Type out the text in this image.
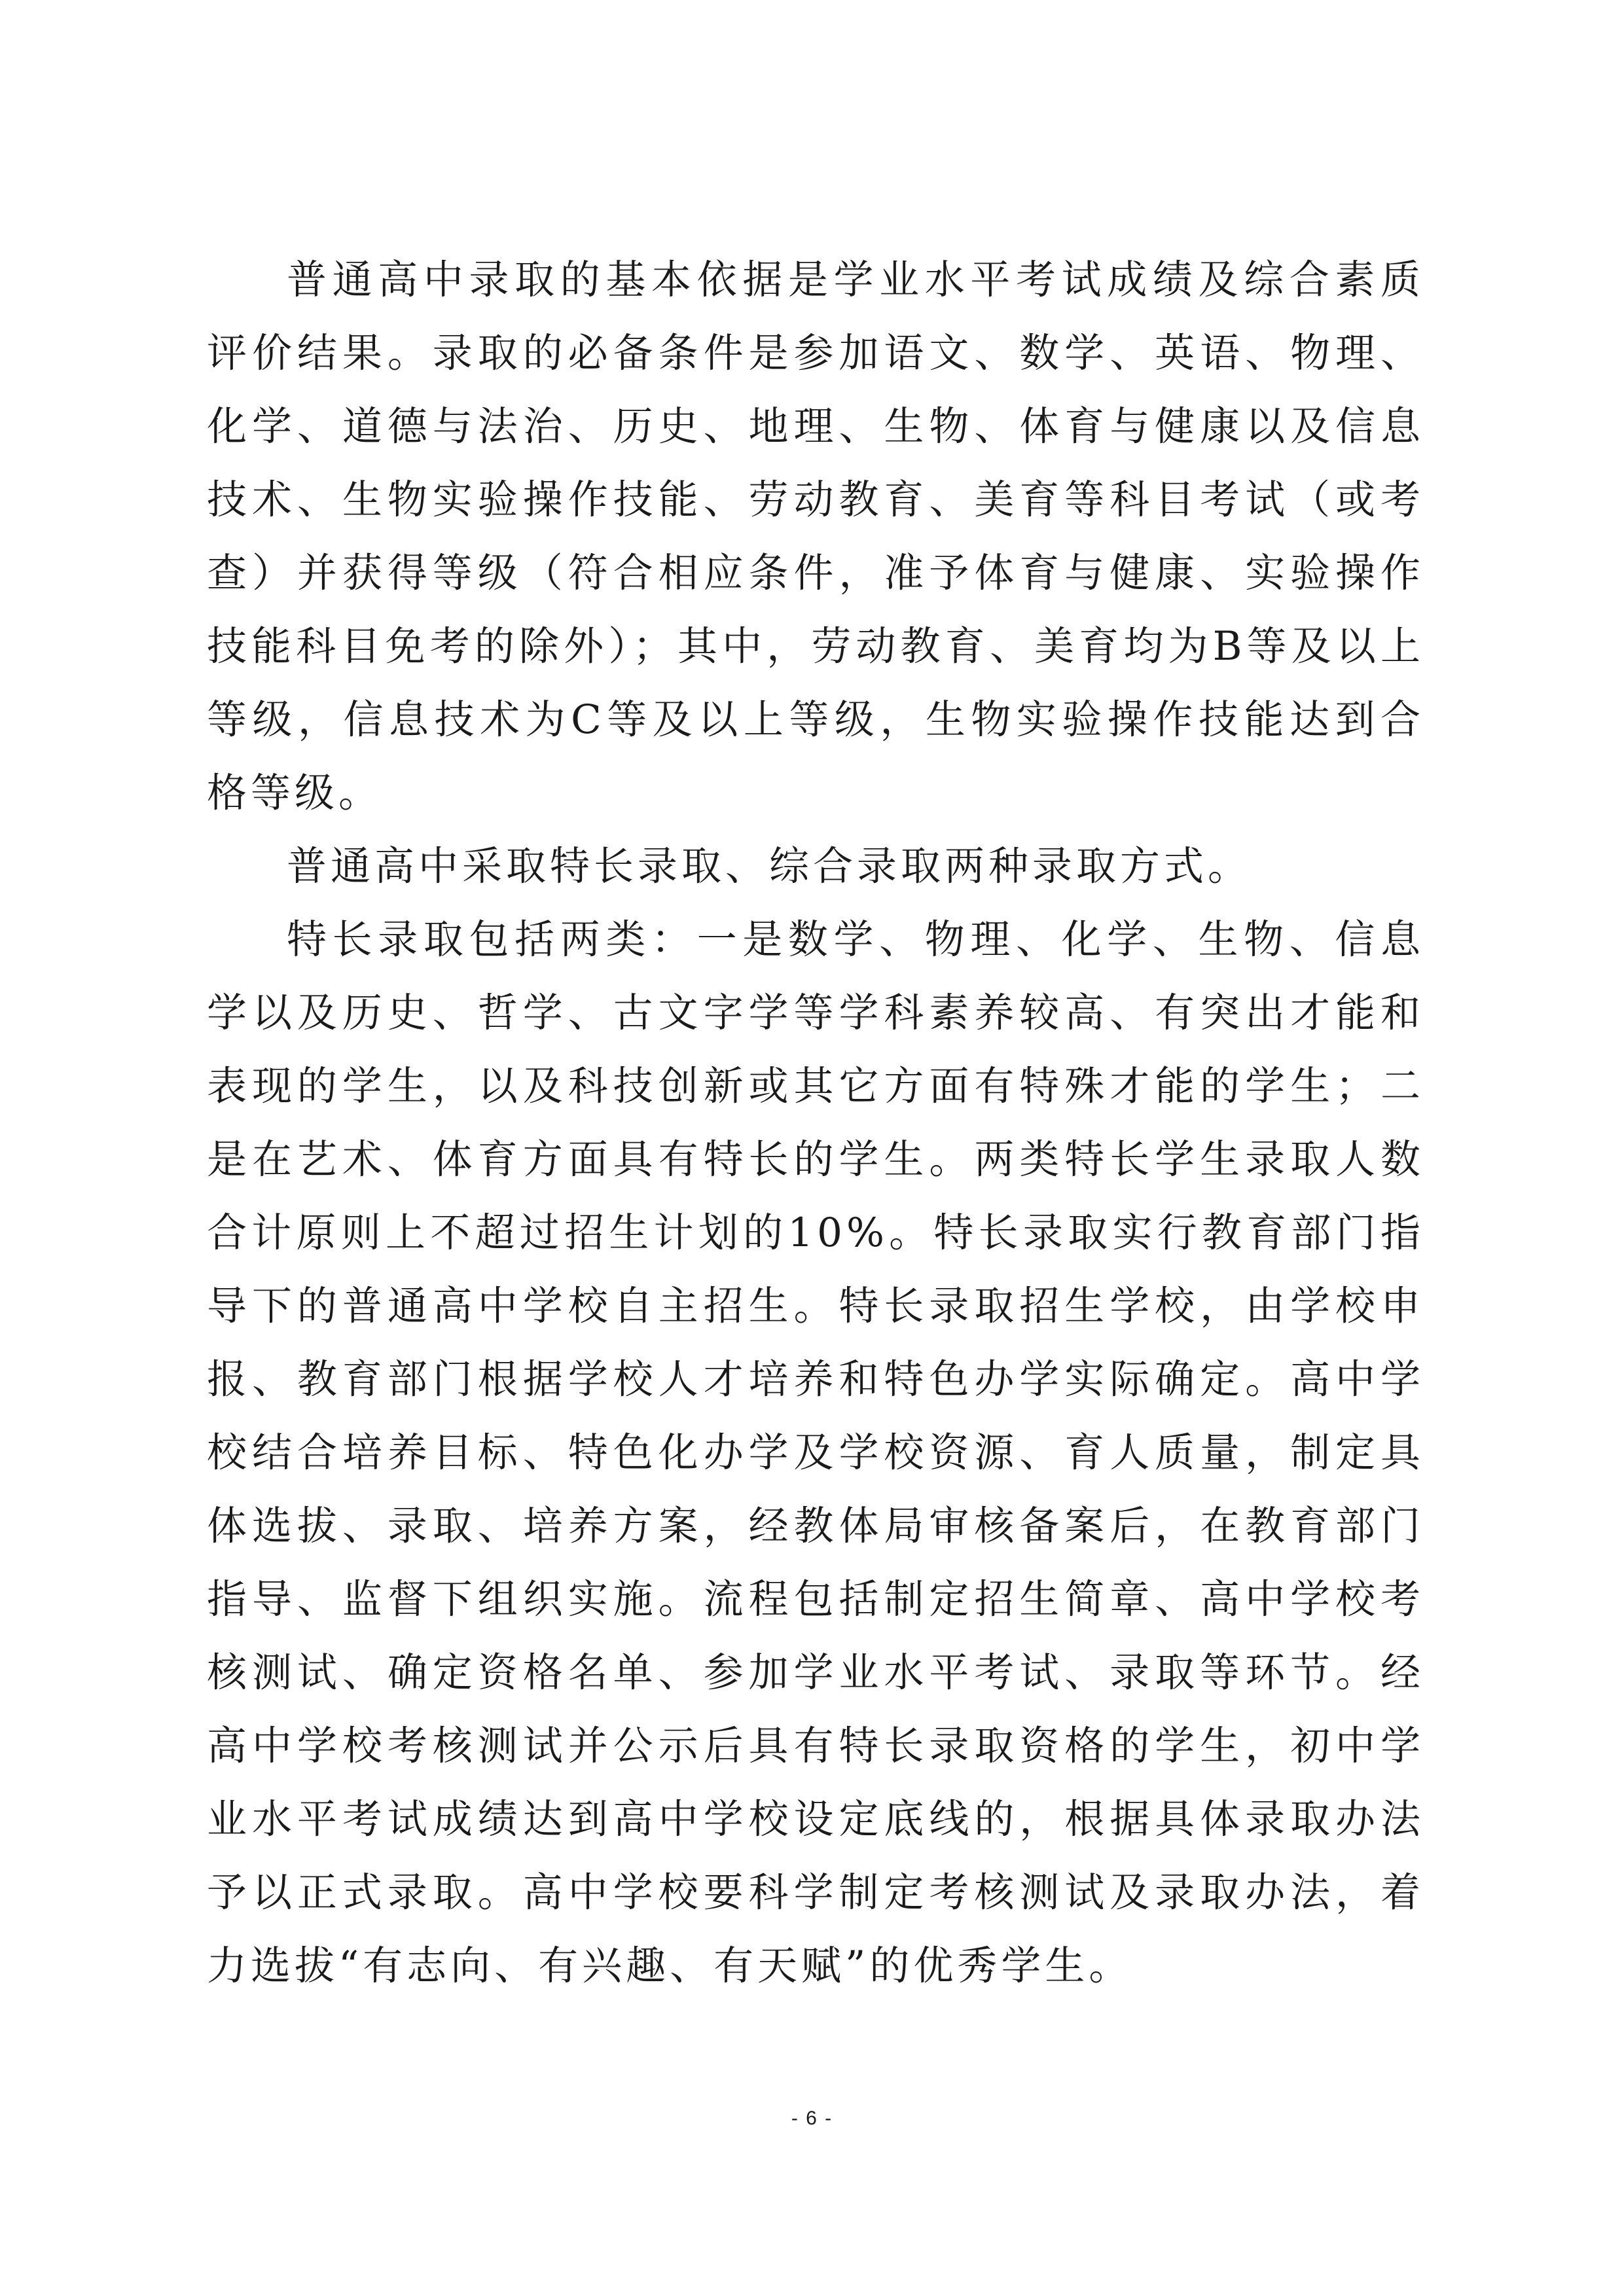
普通高中录取的基本依据是学业水平考试成绩及综合素质评价结果。录取的必备条件是参加语文、数学、英语、物理、化学、道德与法治、历史、地理、生物、体育与健康以及信息技术、生物实验操作技能、劳动教育、美育等科目考试（或考查）并获得等级（符合相应条件，准予体育与健康、实验操作技能科目免考的除外）；其中，劳动教育、美育均为B等及以上等级，信息技术为C等及以上等级，生物实验操作技能达到合格等级。

普通高中采取特长录取、综合录取两种录取方式。

特长录取包括两类：一是数学、物理、化学、生物、信息学以及历史、哲学、古文字学等学科素养较高、有突出才能和表现的学生，以及科技创新或其它方面有特殊才能的学生；二是在艺术、体育方面具有特长的学生。两类特长学生录取人数合计原则上不超过招生计划的10%。特长录取实行教育部门指导下的普通高中学校自主招生。特长录取招生学校，由学校申报、教育部门根据学校人才培养和特色办学实际确定。高中学校结合培养目标、特色化办学及学校资源、育人质量，制定具体选拔、录取、培养方案，经教体局审核备案后，在教育部门指导、监督下组织实施。流程包括制定招生简章、高中学校考核测试、确定资格名单、参加学业水平考试、录取等环节。经高中学校考核测试并公示后具有特长录取资格的学生，初中学业水平考试成绩达到高中学校设定底线的，根据具体录取办法予以正式录取。高中学校要科学制定考核测试及录取办法，着力选拔“有志向、有兴趣、有天赋”的优秀学生。

- 6 -
